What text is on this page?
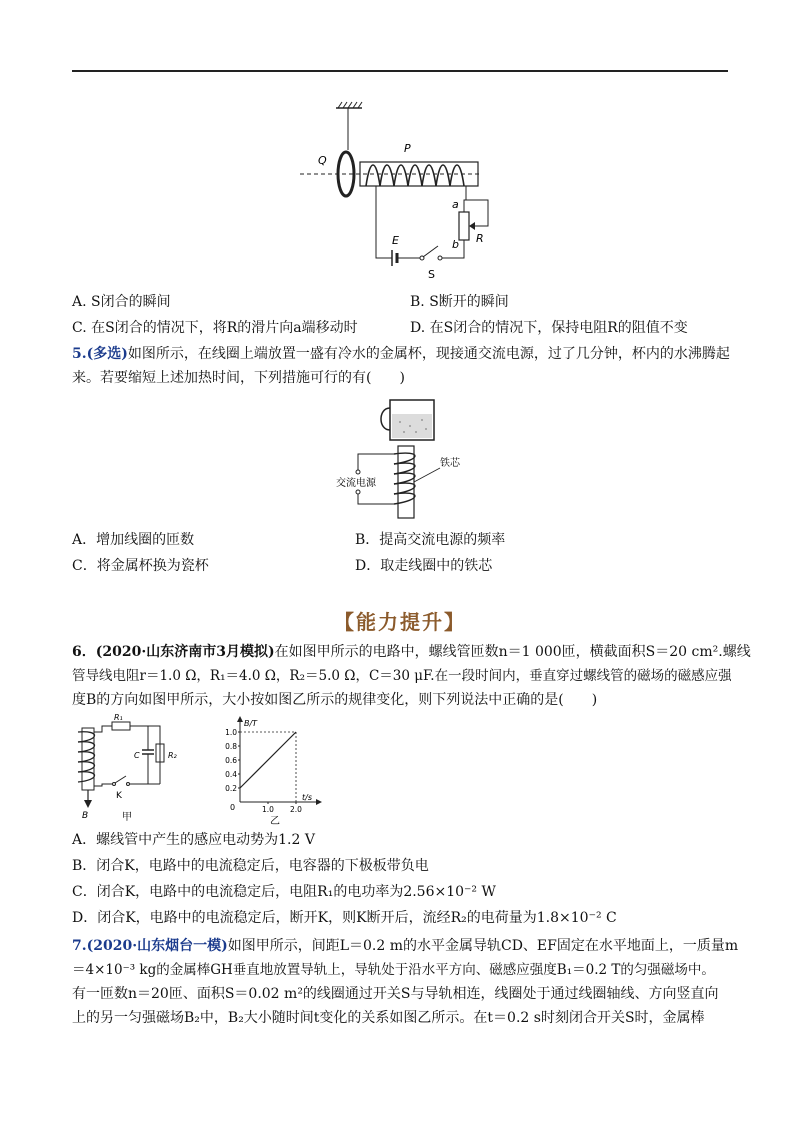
Q
P
E
S
a
b R
A. S闭合的瞬间	B. S断开的瞬间
C. 在S闭合的情况下，将R的滑片向a端移动时	D. 在S闭合的情况下，保持电阻R的阻值不变
5.(多选)如图所示，在线圈上端放置一盛有冷水的金属杯，现接通交流电源，过了几分钟，杯内的水沸腾起
来。若要缩短上述加热时间，下列措施可行的有(　　)
交流电源
铁芯
A．增加线圈的匝数	B．提高交流电源的频率
C．将金属杯换为瓷杯	D．取走线圈中的铁芯
【能力提升】
6．(2020·山东济南市3月模拟)在如图甲所示的电路中，螺线管匝数n＝1 000匝，横截面积S＝20 cm².螺线
管导线电阻r＝1.0 Ω，R₁＝4.0 Ω，R₂＝5.0 Ω，C＝30 μF.在一段时间内，垂直穿过螺线管的磁场的磁感应强
度B的方向如图甲所示，大小按如图乙所示的规律变化，则下列说法中正确的是(　　)
B
R₁
C	R₂
K
甲
B/T
t/s
0
1.0
0.8
0.6
0.4
0.2
1.0 2.0
乙
A．螺线管中产生的感应电动势为1.2 V
B．闭合K，电路中的电流稳定后，电容器的下极板带负电
C．闭合K，电路中的电流稳定后，电阻R₁的电功率为2.56×10⁻² W
D．闭合K，电路中的电流稳定后，断开K，则K断开后，流经R₂的电荷量为1.8×10⁻² C
7.(2020·山东烟台一模)如图甲所示，间距L＝0.2 m的水平金属导轨CD、EF固定在水平地面上，一质量m
＝4×10⁻³ kg的金属棒GH垂直地放置导轨上，导轨处于沿水平方向、磁感应强度B₁＝0.2 T的匀强磁场中。
有一匝数n＝20匝、面积S＝0.02 m²的线圈通过开关S与导轨相连，线圈处于通过线圈轴线、方向竖直向
上的另一匀强磁场B₂中，B₂大小随时间t变化的关系如图乙所示。在t＝0.2 s时刻闭合开关S时，金属棒
